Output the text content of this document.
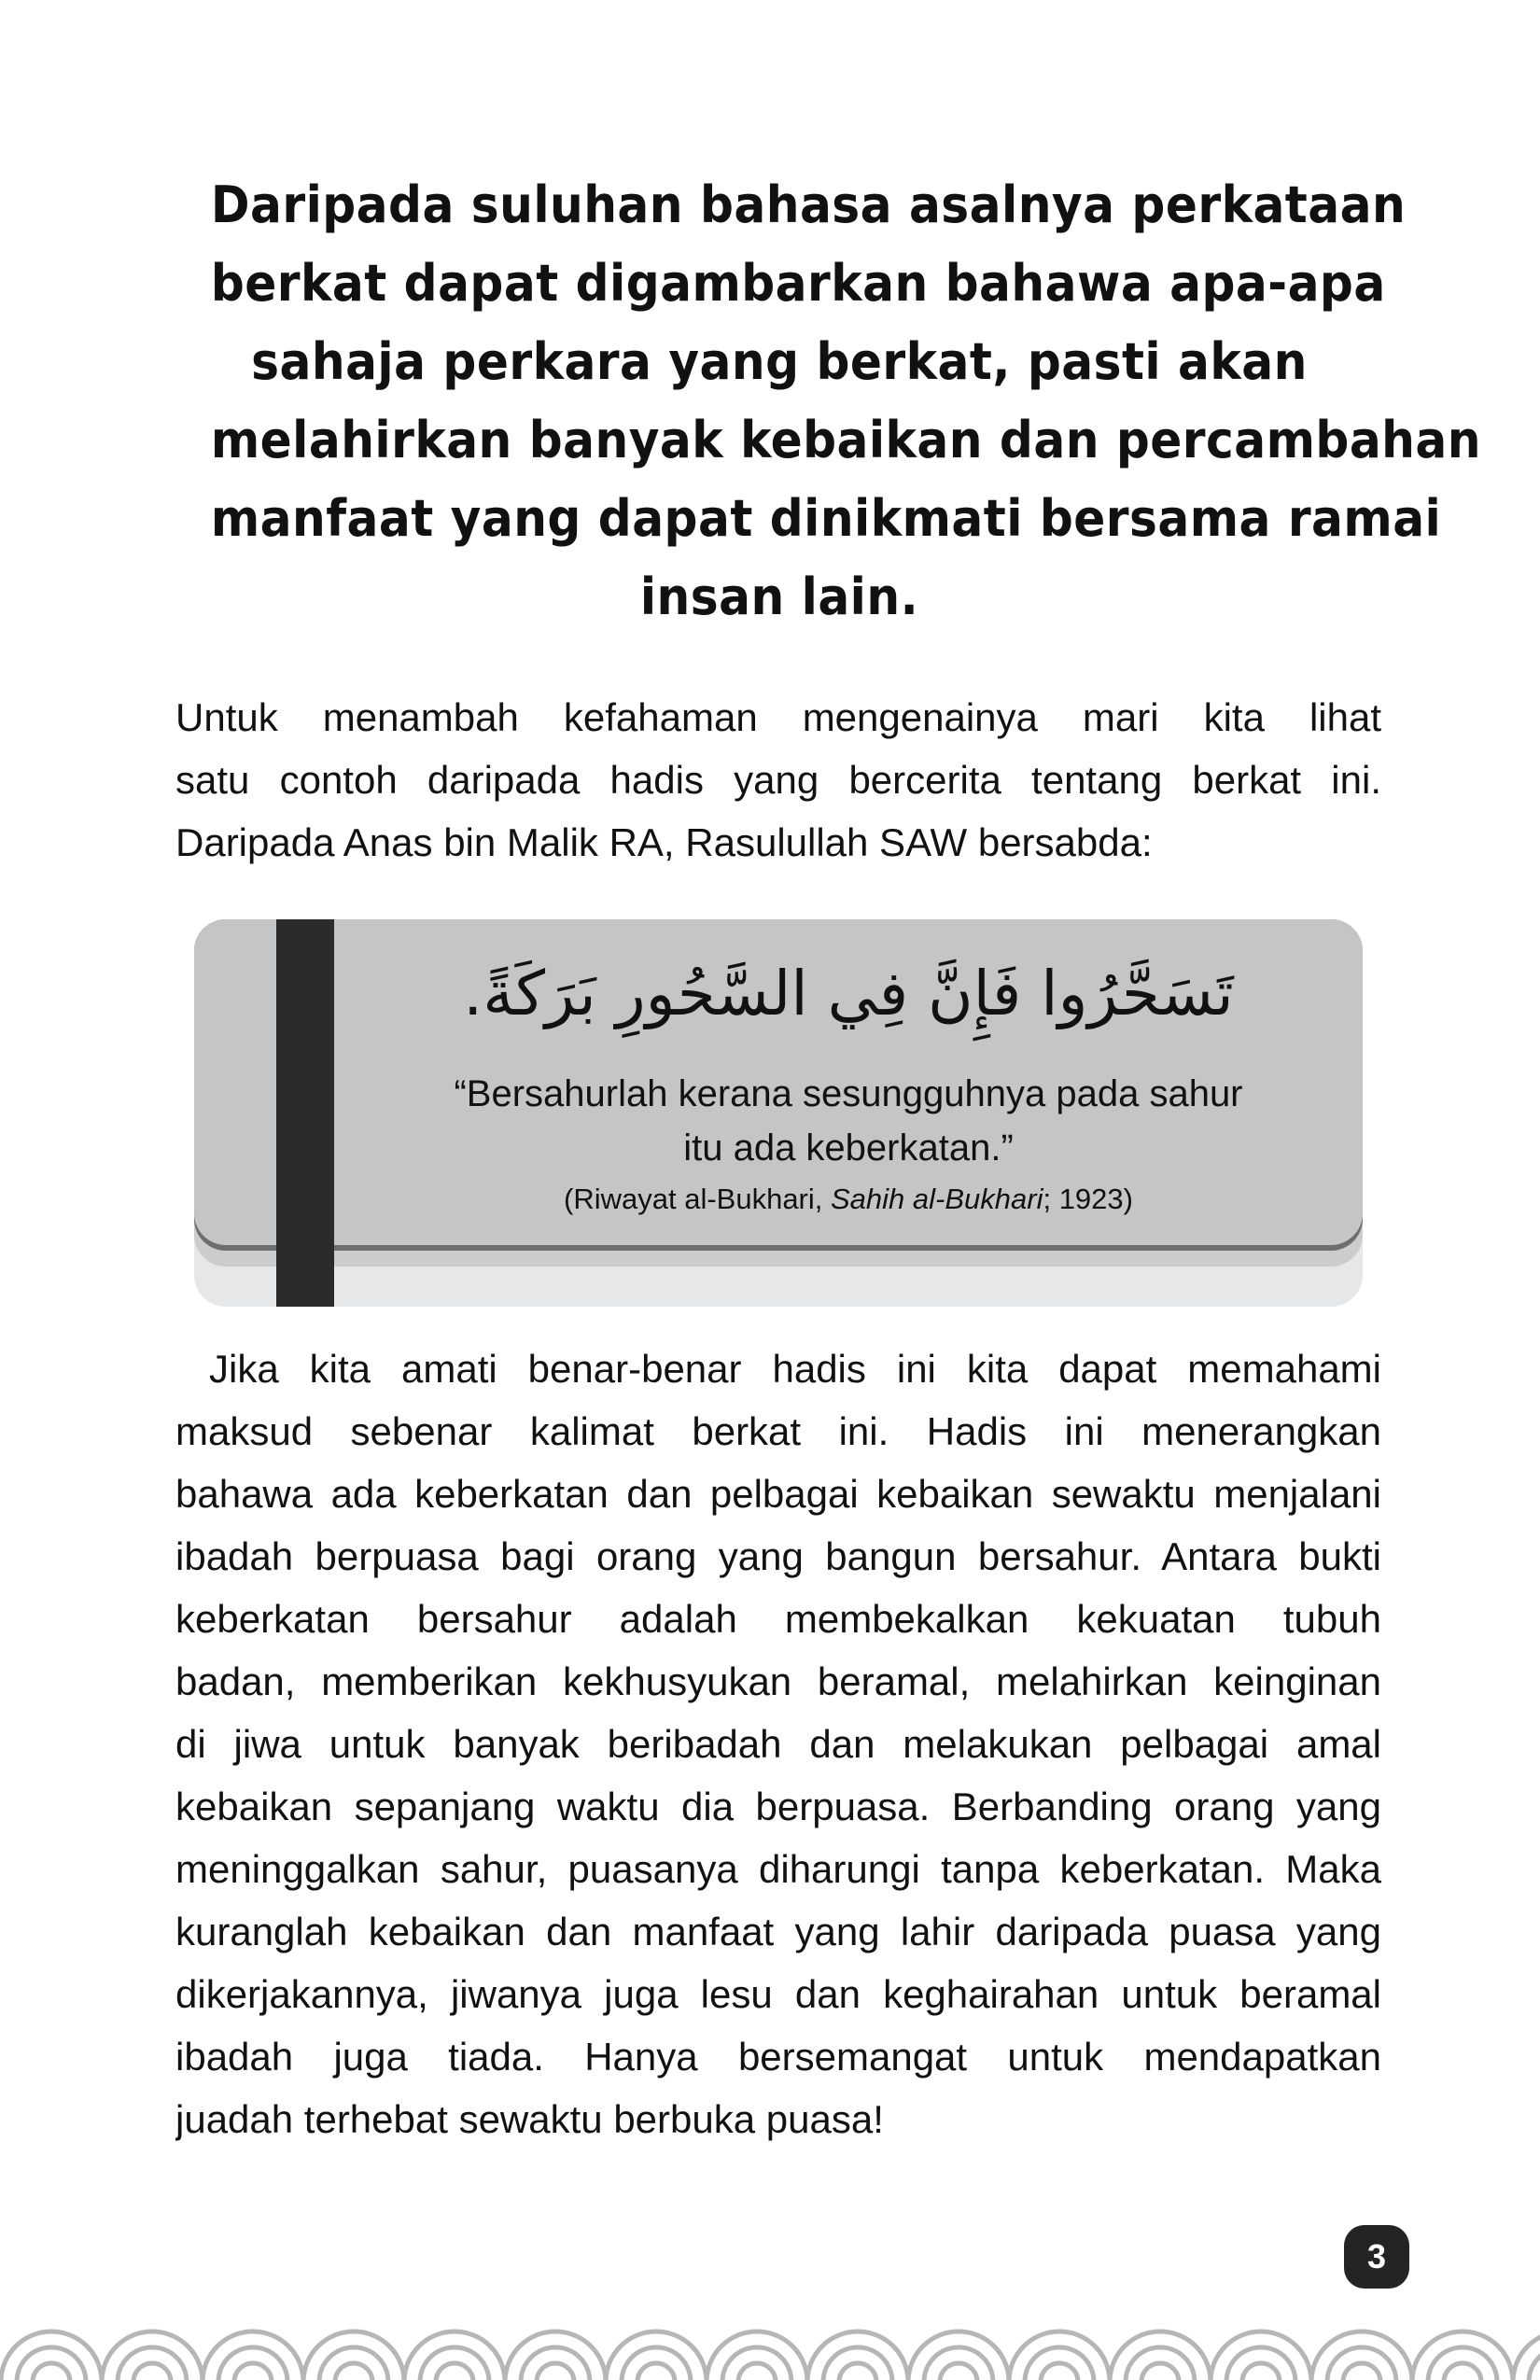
Daripada suluhan bahasa asalnya perkataan
berkat dapat digambarkan bahawa apa-apa
sahaja perkara yang berkat, pasti akan
melahirkan banyak kebaikan dan percambahan
manfaat yang dapat dinikmati bersama ramai
insan lain.
Untuk menambah kefahaman mengenainya mari kita lihat
satu contoh daripada hadis yang bercerita tentang berkat ini.
Daripada Anas bin Malik RA, Rasulullah SAW bersabda:
تَسَحَّرُوا فَإِنَّ فِي السَّحُورِ بَرَكَةً.
“Bersahurlah kerana sesungguhnya pada sahur
itu ada keberkatan.”
(Riwayat al-Bukhari, Sahih al-Bukhari; 1923)
Jika kita amati benar-benar hadis ini kita dapat memahami
maksud sebenar kalimat berkat ini. Hadis ini menerangkan
bahawa ada keberkatan dan pelbagai kebaikan sewaktu menjalani
ibadah berpuasa bagi orang yang bangun bersahur. Antara bukti
keberkatan bersahur adalah membekalkan kekuatan tubuh
badan, memberikan kekhusyukan beramal, melahirkan keinginan
di jiwa untuk banyak beribadah dan melakukan pelbagai amal
kebaikan sepanjang waktu dia berpuasa. Berbanding orang yang
meninggalkan sahur, puasanya diharungi tanpa keberkatan. Maka
kuranglah kebaikan dan manfaat yang lahir daripada puasa yang
dikerjakannya, jiwanya juga lesu dan keghairahan untuk beramal
ibadah juga tiada. Hanya bersemangat untuk mendapatkan
juadah terhebat sewaktu berbuka puasa!
3
